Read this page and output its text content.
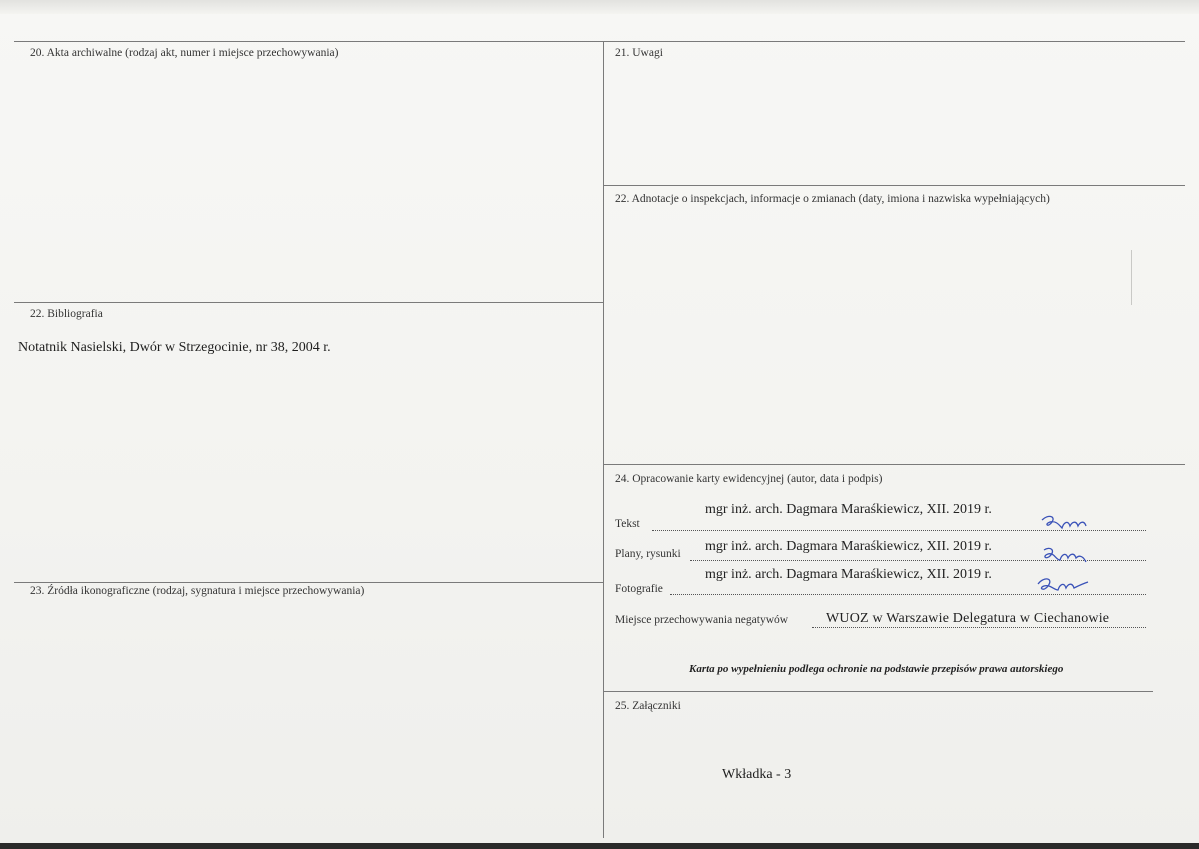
20. Akta archiwalne (rodzaj akt, numer i miejsce przechowywania)	21. Uwagi
22. Adnotacje o inspekcjach, informacje o zmianach (daty, imiona i nazwiska wypełniających)
22. Bibliografia
Notatnik Nasielski, Dwór w Strzegocinie, nr 38, 2004 r.
23. Źródła ikonograficzne (rodzaj, sygnatura i miejsce przechowywania)
24. Opracowanie karty ewidencyjnej (autor, data i podpis)
mgr inż. arch. Dagmara Maraśkiewicz, XII. 2019 r.
Tekst
mgr inż. arch. Dagmara Maraśkiewicz, XII. 2019 r.
Plany, rysunki
mgr inż. arch. Dagmara Maraśkiewicz, XII. 2019 r.
Fotografie
Miejsce przechowywania negatywów	WUOZ w Warszawie Delegatura w Ciechanowie
Karta po wypełnieniu podlega ochronie na podstawie przepisów prawa autorskiego
25. Załączniki
Wkładka - 3
